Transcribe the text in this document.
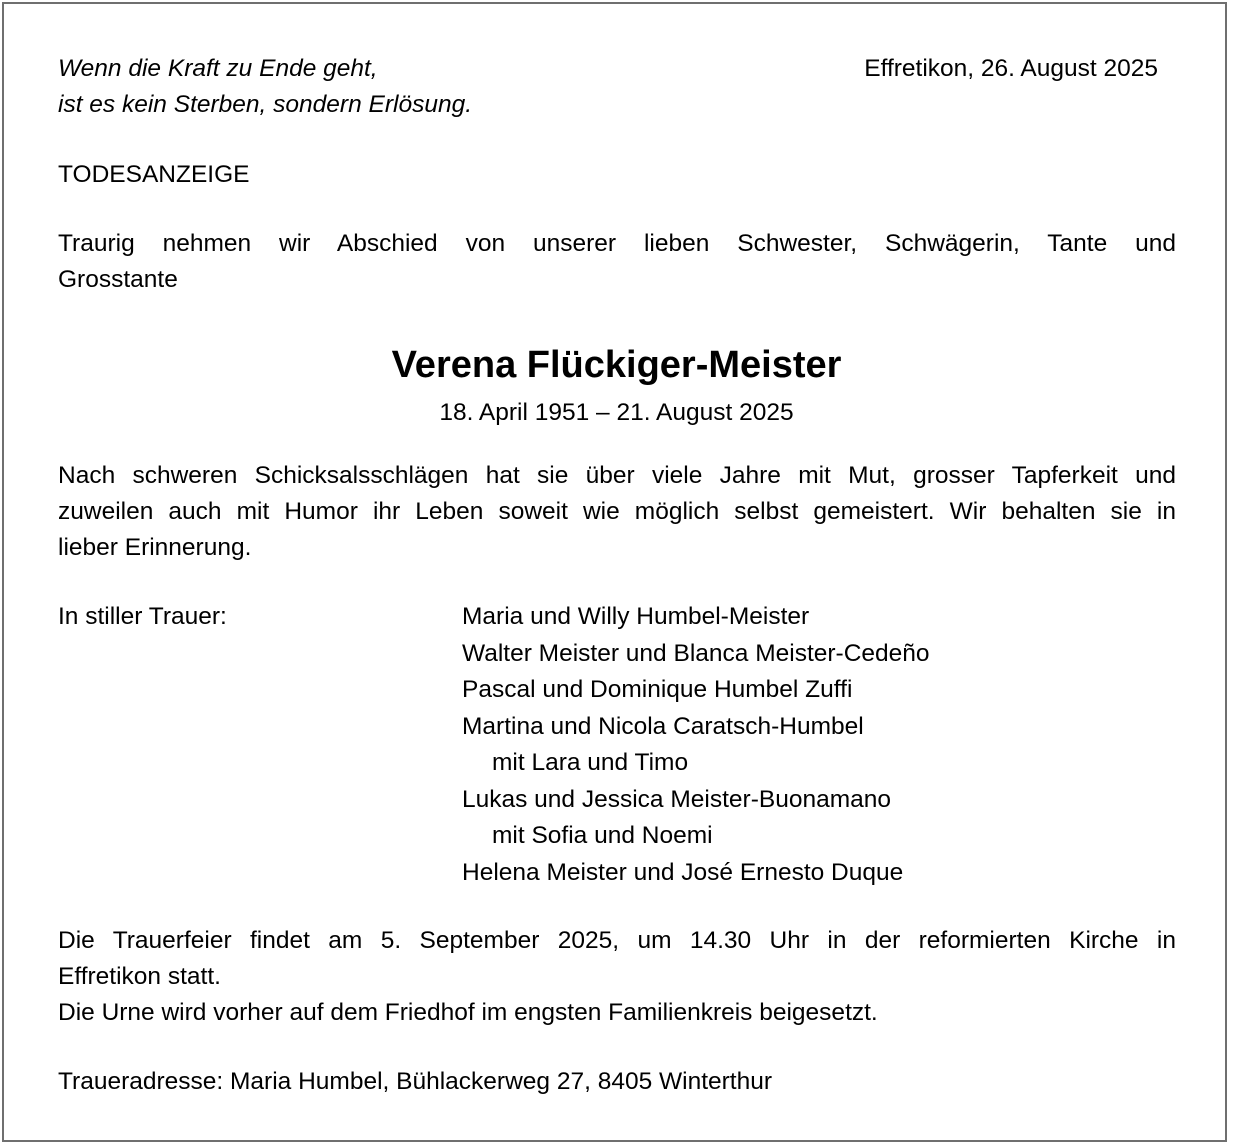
Wenn die Kraft zu Ende geht,
ist es kein Sterben, sondern Erlösung.
Effretikon, 26. August 2025
TODESANZEIGE
Traurig nehmen wir Abschied von unserer lieben Schwester, Schwägerin, Tante und
Grosstante
Verena Flückiger-Meister
18. April 1951 – 21. August 2025
Nach schweren Schicksalsschlägen hat sie über viele Jahre mit Mut, grosser Tapferkeit und
zuweilen auch mit Humor ihr Leben soweit wie möglich selbst gemeistert. Wir behalten sie in
lieber Erinnerung.
In stiller Trauer:	Maria und Willy Humbel-Meister
Walter Meister und Blanca Meister-Cedeño
Pascal und Dominique Humbel Zuffi
Martina und Nicola Caratsch-Humbel
mit Lara und Timo
Lukas und Jessica Meister-Buonamano
mit Sofia und Noemi
Helena Meister und José Ernesto Duque
Die Trauerfeier findet am 5. September 2025, um 14.30 Uhr in der reformierten Kirche in
Effretikon statt.
Die Urne wird vorher auf dem Friedhof im engsten Familienkreis beigesetzt.
Traueradresse: Maria Humbel, Bühlackerweg 27, 8405 Winterthur
